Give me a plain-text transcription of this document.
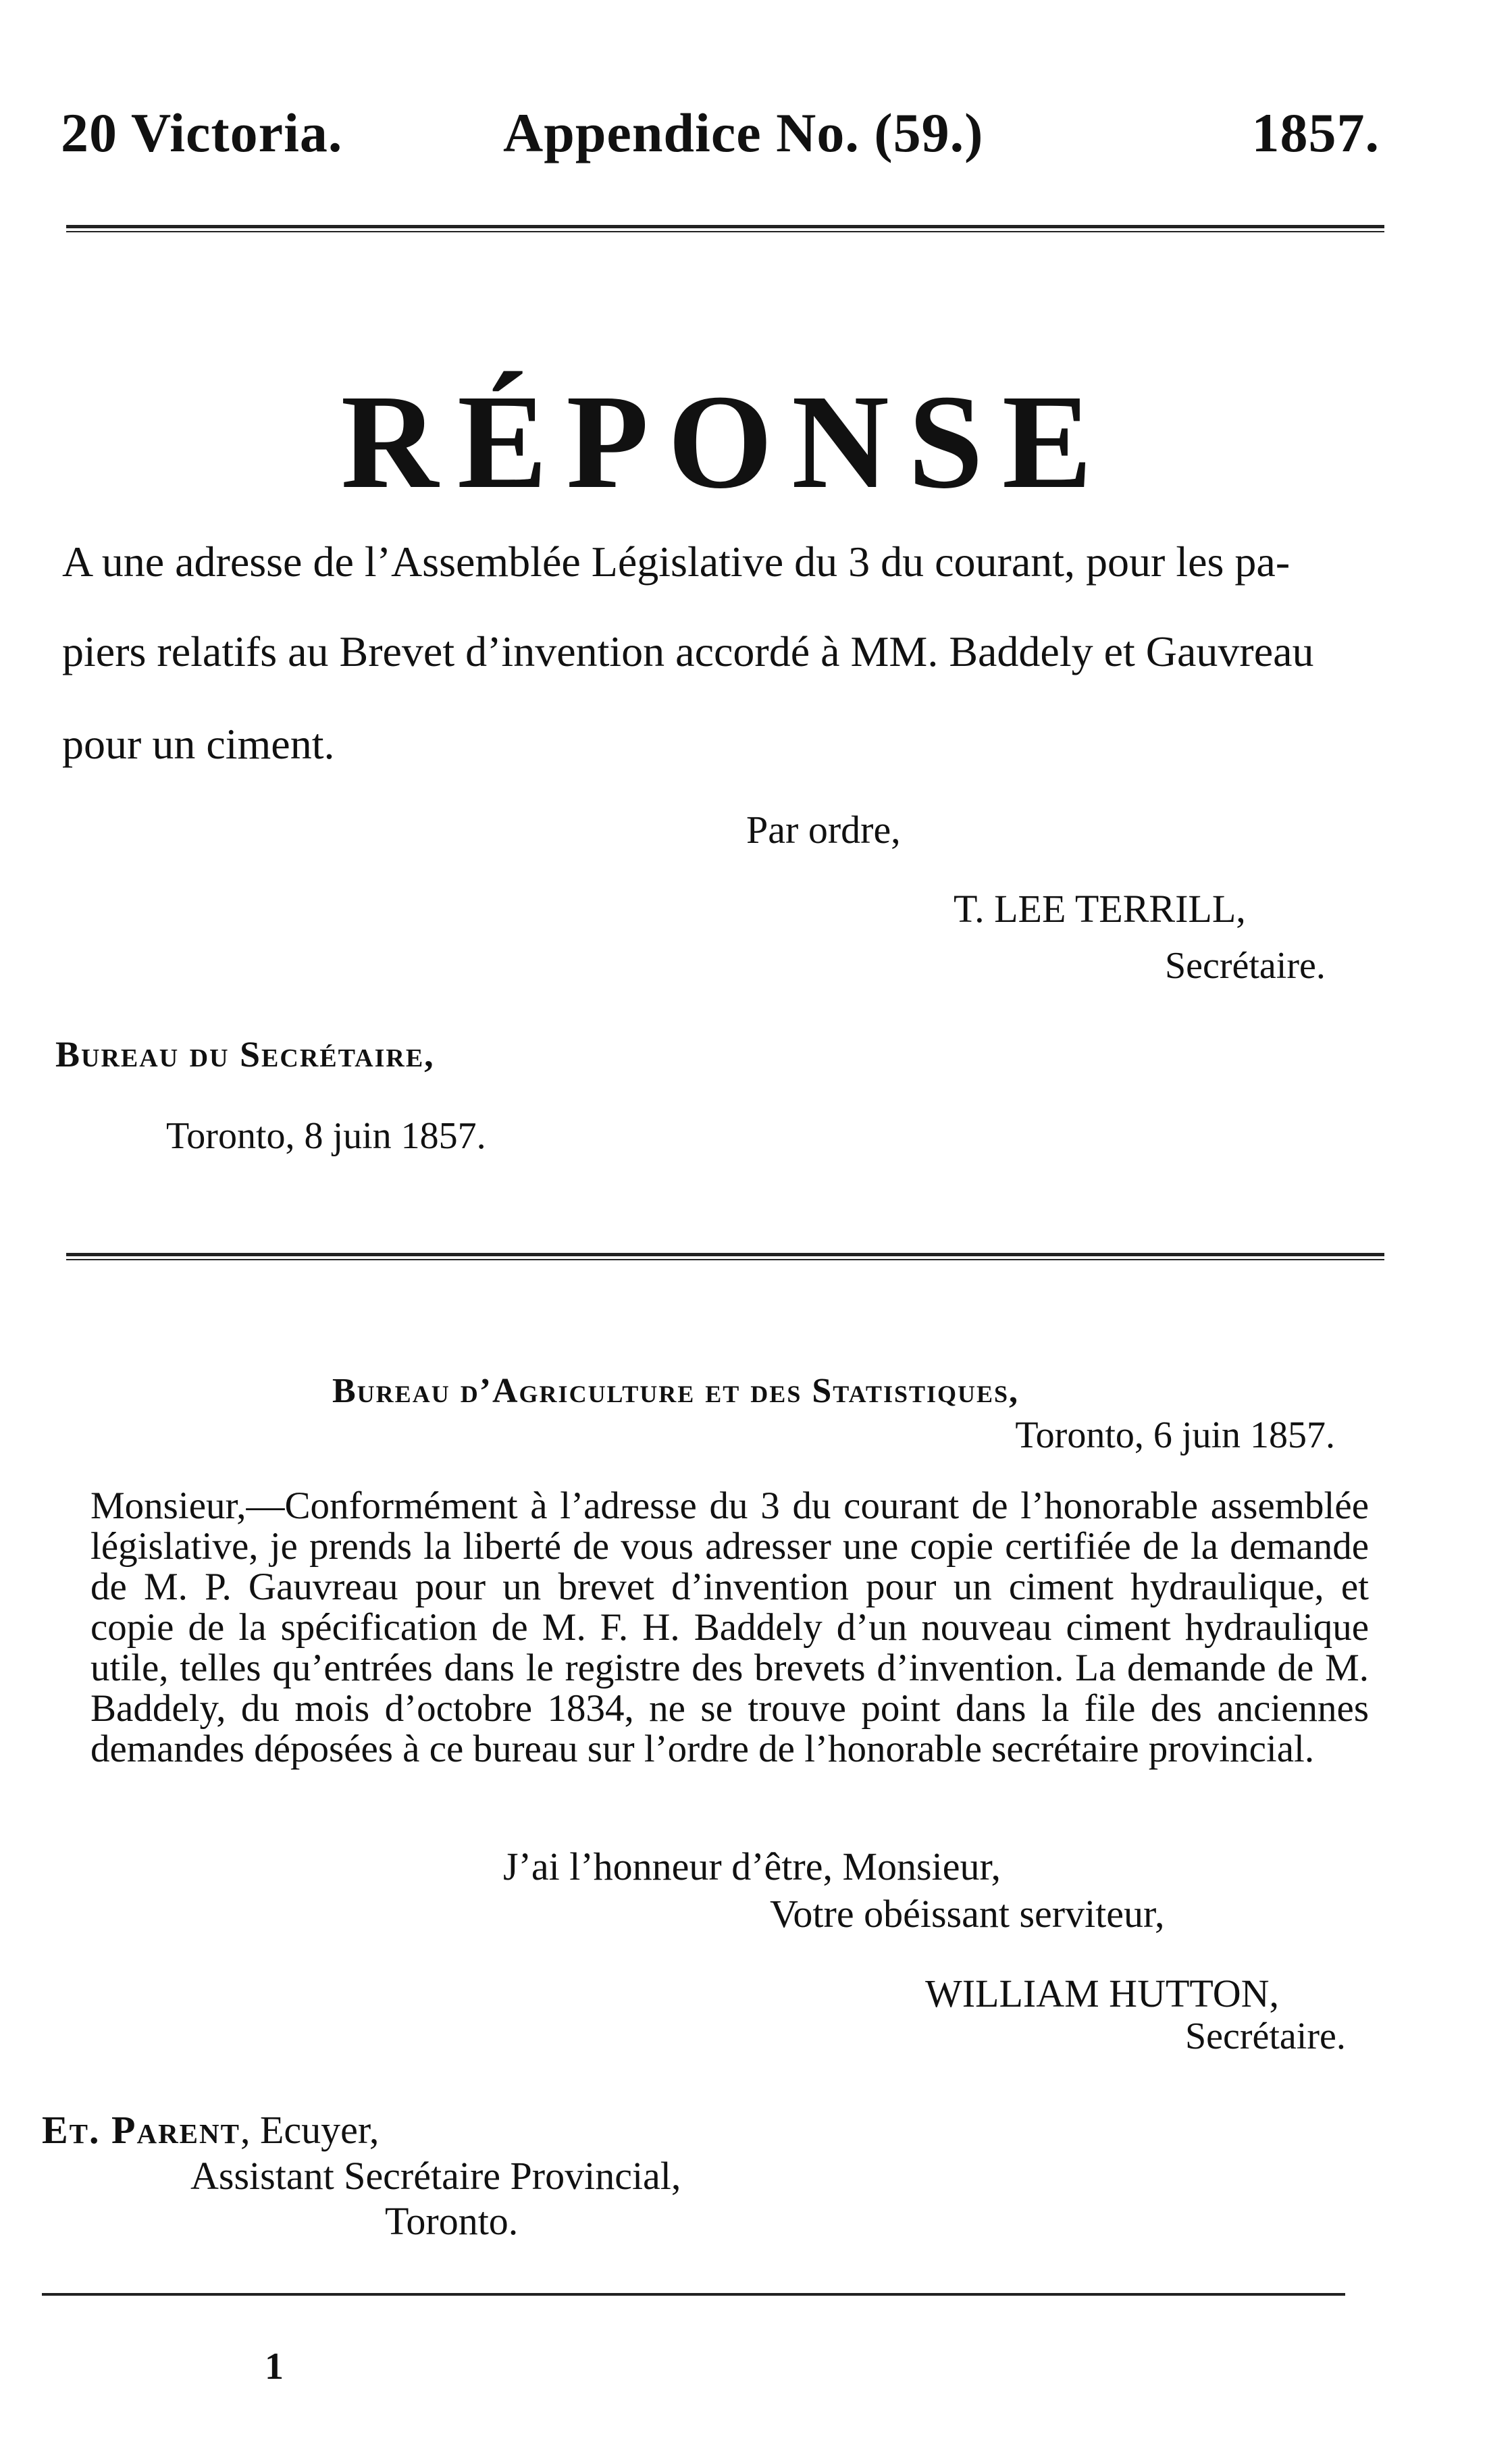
20 Victoria.	Appendice No. (59.)	1857.
RÉPONSE
A une adresse de l’Assemblée Législative du 3 du courant, pour les pa-
piers relatifs au Brevet d’invention accordé à MM. Baddely et Gauvreau
pour un ciment.
Par ordre,
T. LEE TERRILL,
Secrétaire.
Bureau du Secrétaire,
Toronto, 8 juin 1857.
Bureau d’Agriculture et des Statistiques,
Toronto, 6 juin 1857.
Monsieur,—Conformément à l’adresse du 3 du courant de l’honorable assemblée législative, je prends la liberté de vous adresser une copie certifiée de la demande de M. P. Gauvreau pour un brevet d’invention pour un ciment hydraulique, et copie de la spécification de M. F. H. Baddely d’un nouveau ciment hydraulique utile, telles qu’entrées dans le registre des brevets d’invention. La demande de M. Baddely, du mois d’octobre 1834, ne se trouve point dans la file des anciennes demandes déposées à ce bureau sur l’ordre de l’honorable secrétaire provincial.
J’ai l’honneur d’être, Monsieur,
Votre obéissant serviteur,
WILLIAM HUTTON,
Secrétaire.
Et. Parent, Ecuyer,
Assistant Secrétaire Provincial,
Toronto.
1
